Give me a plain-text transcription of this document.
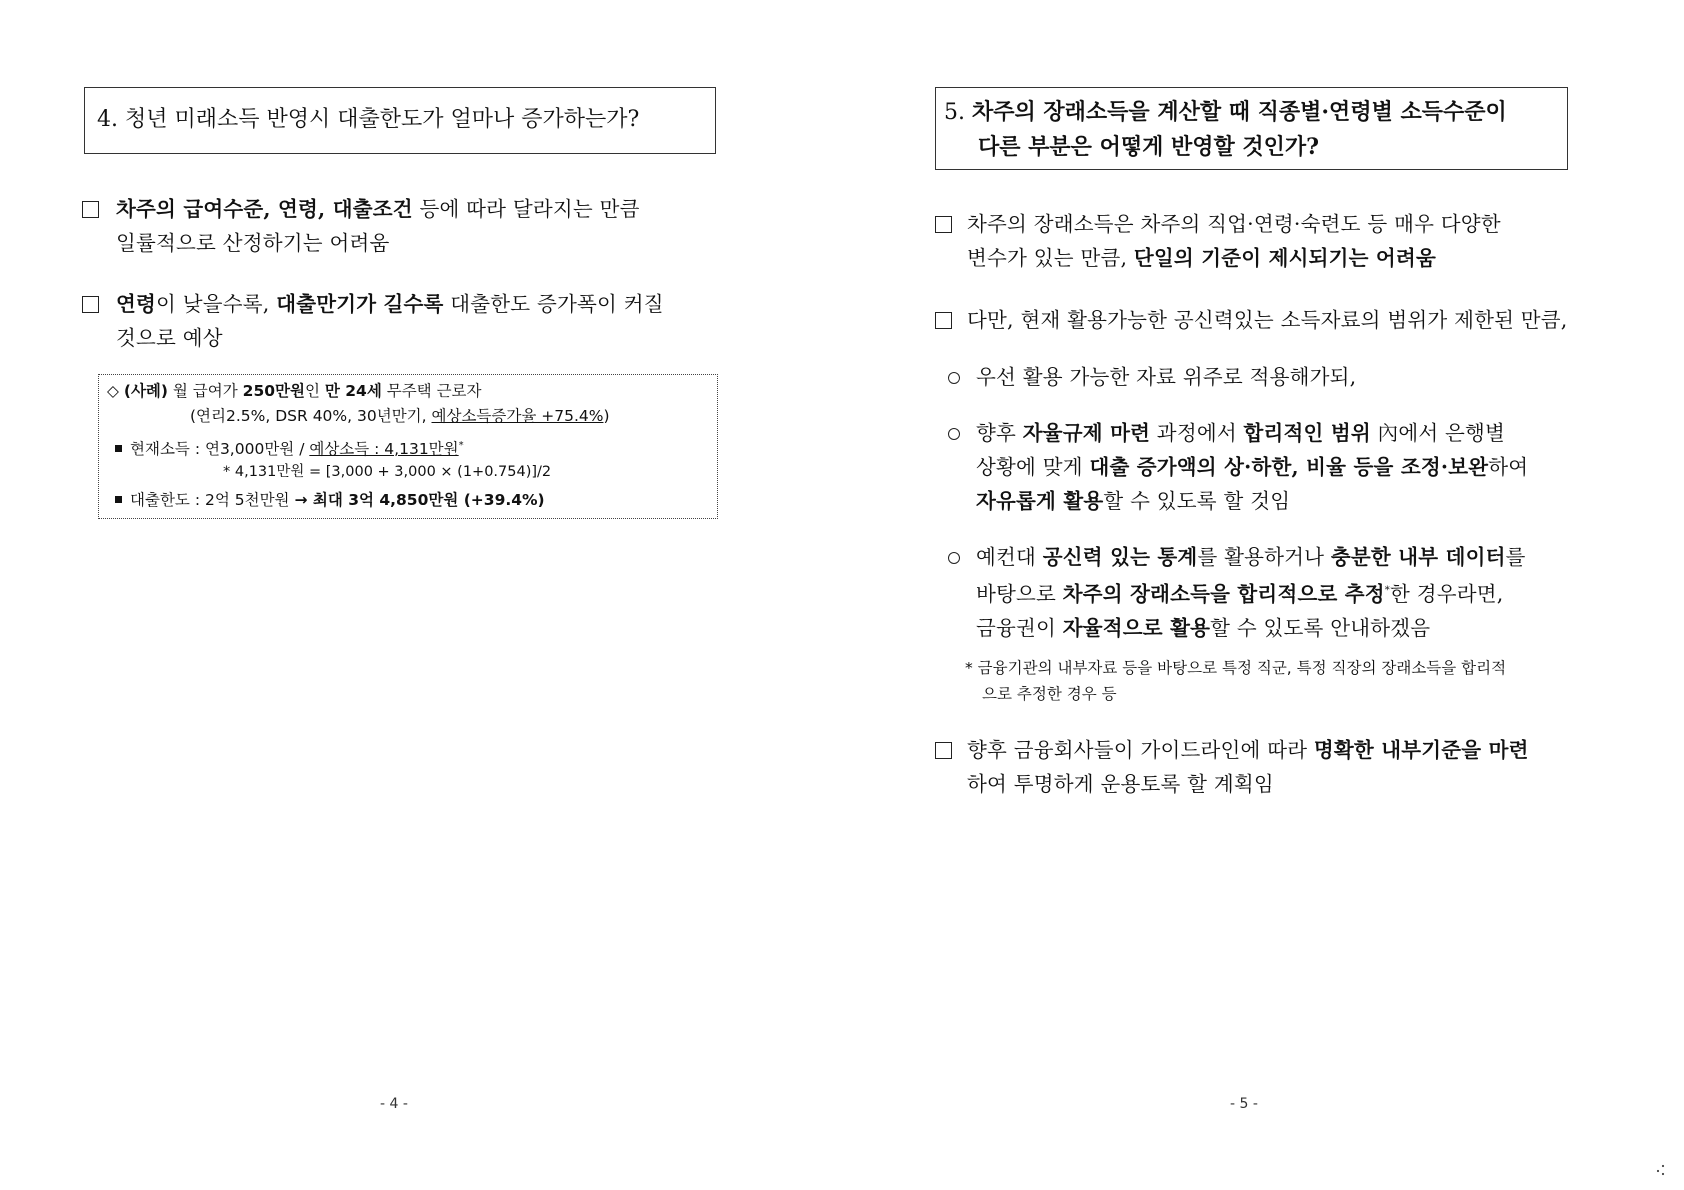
4. 청년 미래소득 반영시 대출한도가 얼마나 증가하는가?
차주의 급여수준, 연령, 대출조건 등에 따라 달라지는 만큼
일률적으로 산정하기는 어려움
연령이 낮을수록, 대출만기가 길수록 대출한도 증가폭이 커질
것으로 예상
◇ (사례) 월 급여가 250만원인 만 24세 무주택 근로자
(연리2.5%, DSR 40%, 30년만기, 예상소득증가율 +75.4%)
현재소득 : 연3,000만원 / 예상소득 : 4,131만원*
* 4,131만원 = [3,000 + 3,000 × (1+0.754)]/2
대출한도 : 2억 5천만원 → 최대 3억 4,850만원 (+39.4%)
- 4 -
5. 차주의 장래소득을 계산할 때 직종별·연령별 소득수준이
다른 부분은 어떻게 반영할 것인가?
차주의 장래소득은 차주의 직업·연령·숙련도 등 매우 다양한
변수가 있는 만큼, 단일의 기준이 제시되기는 어려움
다만, 현재 활용가능한 공신력있는 소득자료의 범위가 제한된 만큼,
우선 활용 가능한 자료 위주로 적용해가되,
향후 자율규제 마련 과정에서 합리적인 범위 內에서 은행별
상황에 맞게 대출 증가액의 상·하한, 비율 등을 조정·보완하여
자유롭게 활용할 수 있도록 할 것임
예컨대 공신력 있는 통계를 활용하거나 충분한 내부 데이터를
바탕으로 차주의 장래소득을 합리적으로 추정*한 경우라면,
금융권이 자율적으로 활용할 수 있도록 안내하겠음
* 금융기관의 내부자료 등을 바탕으로 특정 직군, 특정 직장의 장래소득을 합리적
으로 추정한 경우 등
향후 금융회사들이 가이드라인에 따라 명확한 내부기준을 마련
하여 투명하게 운용토록 할 계획임
- 5 -
